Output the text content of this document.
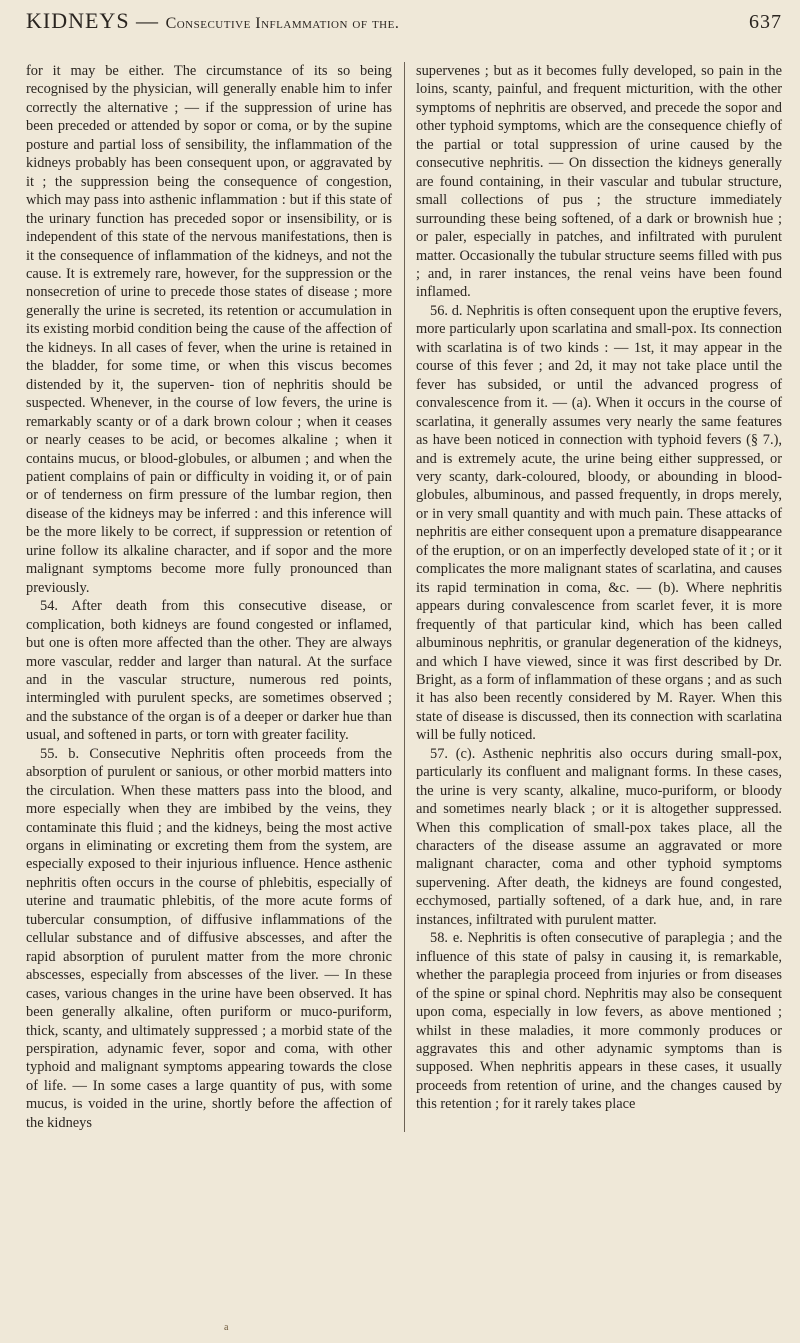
KIDNEYS — Consecutive Inflammation of the.	637

for it may be either. The circumstance of its so being recognised by the physician, will generally enable him to infer correctly the alternative ; — if the suppression of urine has been preceded or attended by sopor or coma, or by the supine posture and partial loss of sensibility, the inflammation of the kidneys probably has been consequent upon, or aggravated by it ; the suppression being the consequence of congestion, which may pass into asthenic inflammation : but if this state of the urinary function has preceded sopor or insensibility, or is independent of this state of the nervous manifestations, then is it the consequence of inflammation of the kidneys, and not the cause. It is extremely rare, however, for the suppression or the nonsecretion of urine to precede those states of disease ; more generally the urine is secreted, its retention or accumulation in its existing morbid condition being the cause of the affection of the kidneys. In all cases of fever, when the urine is retained in the bladder, for some time, or when this viscus becomes distended by it, the superven- tion of nephritis should be suspected. Whenever, in the course of low fevers, the urine is remarkably scanty or of a dark brown colour ; when it ceases or nearly ceases to be acid, or becomes alkaline ; when it contains mucus, or blood-globules, or albumen ; and when the patient complains of pain or difficulty in voiding it, or of pain or of tenderness on firm pressure of the lumbar region, then disease of the kidneys may be inferred : and this inference will be the more likely to be correct, if suppression or retention of urine follow its alkaline character, and if sopor and the more malignant symptoms become more fully pronounced than previously.

54. After death from this consecutive disease, or complication, both kidneys are found congested or inflamed, but one is often more affected than the other. They are always more vascular, redder and larger than natural. At the surface and in the vascular structure, numerous red points, intermingled with purulent specks, are sometimes observed ; and the substance of the organ is of a deeper or darker hue than usual, and softened in parts, or torn with greater facility.

55. b. Consecutive Nephritis often proceeds from the absorption of purulent or sanious, or other morbid matters into the circulation. When these matters pass into the blood, and more especially when they are imbibed by the veins, they contaminate this fluid ; and the kidneys, being the most active organs in eliminating or excreting them from the system, are especially exposed to their injurious influence. Hence asthenic nephritis often occurs in the course of phlebitis, especially of uterine and traumatic phlebitis, of the more acute forms of tubercular consumption, of diffusive inflammations of the cellular substance and of diffusive abscesses, and after the rapid absorption of purulent matter from the more chronic abscesses, especially from abscesses of the liver. — In these cases, various changes in the urine have been observed. It has been generally alkaline, often puriform or muco-puriform, thick, scanty, and ultimately suppressed ; a morbid state of the perspiration, adynamic fever, sopor and coma, with other typhoid and malignant symptoms appearing towards the close of life. — In some cases a large quantity of pus, with some mucus, is voided in the urine, shortly before the affection of the kidneys

supervenes ; but as it becomes fully developed, so pain in the loins, scanty, painful, and frequent micturition, with the other symptoms of nephritis are observed, and precede the sopor and other typhoid symptoms, which are the consequence chiefly of the partial or total suppression of urine caused by the consecutive nephritis. — On dissection the kidneys generally are found containing, in their vascular and tubular structure, small collections of pus ; the structure immediately surrounding these being softened, of a dark or brownish hue ; or paler, especially in patches, and infiltrated with purulent matter. Occasionally the tubular structure seems filled with pus ; and, in rarer instances, the renal veins have been found inflamed.

56. d. Nephritis is often consequent upon the eruptive fevers, more particularly upon scarlatina and small-pox. Its connection with scarlatina is of two kinds : — 1st, it may appear in the course of this fever ; and 2d, it may not take place until the fever has subsided, or until the advanced progress of convalescence from it. — (a). When it occurs in the course of scarlatina, it generally assumes very nearly the same features as have been noticed in connection with typhoid fevers (§ 7.), and is extremely acute, the urine being either suppressed, or very scanty, dark-coloured, bloody, or abounding in blood-globules, albuminous, and passed frequently, in drops merely, or in very small quantity and with much pain. These attacks of nephritis are either consequent upon a premature disappearance of the eruption, or on an imperfectly developed state of it ; or it complicates the more malignant states of scarlatina, and causes its rapid termination in coma, &c. — (b). Where nephritis appears during convalescence from scarlet fever, it is more frequently of that particular kind, which has been called albuminous nephritis, or granular degeneration of the kidneys, and which I have viewed, since it was first described by Dr. Bright, as a form of inflammation of these organs ; and as such it has also been recently considered by M. Rayer. When this state of disease is discussed, then its connection with scarlatina will be fully noticed.

57. (c). Asthenic nephritis also occurs during small-pox, particularly its confluent and malignant forms. In these cases, the urine is very scanty, alkaline, muco-puriform, or bloody and sometimes nearly black ; or it is altogether suppressed. When this complication of small-pox takes place, all the characters of the disease assume an aggravated or more malignant character, coma and other typhoid symptoms supervening. After death, the kidneys are found congested, ecchymosed, partially softened, of a dark hue, and, in rare instances, infiltrated with purulent matter.

58. e. Nephritis is often consecutive of paraplegia ; and the influence of this state of palsy in causing it, is remarkable, whether the paraplegia proceed from injuries or from diseases of the spine or spinal chord. Nephritis may also be consequent upon coma, especially in low fevers, as above mentioned ; whilst in these maladies, it more commonly produces or aggravates this and other adynamic symptoms than is supposed. When nephritis appears in these cases, it usually proceeds from retention of urine, and the changes caused by this retention ; for it rarely takes place

a
